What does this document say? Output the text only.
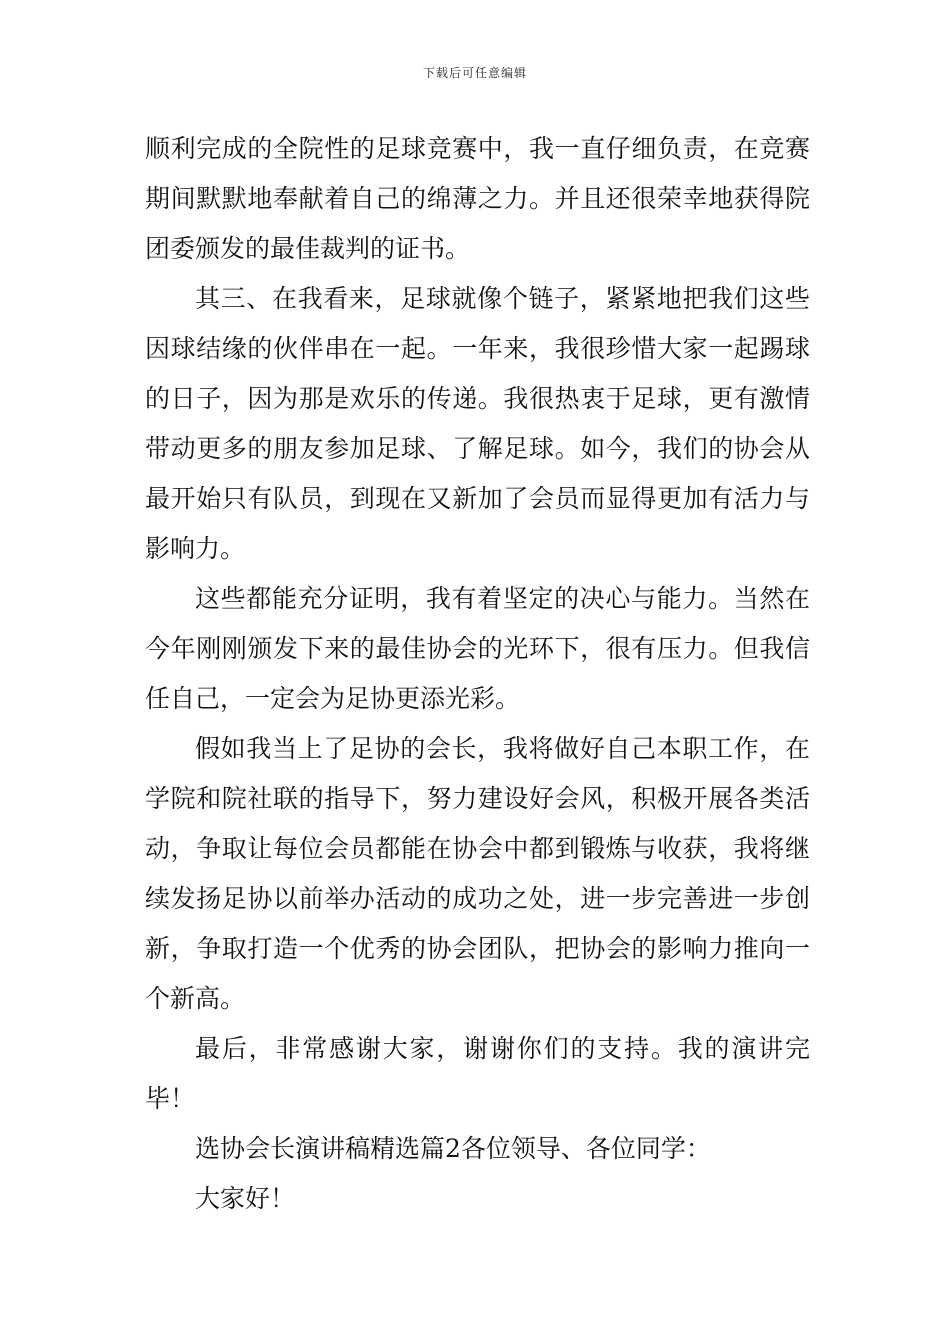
下载后可任意编辑

顺利完成的全院性的足球竞赛中，我一直仔细负责，在竞赛期间默默地奉献着自己的绵薄之力。并且还很荣幸地获得院团委颁发的最佳裁判的证书。

其三、在我看来，足球就像个链子，紧紧地把我们这些因球结缘的伙伴串在一起。一年来，我很珍惜大家一起踢球的日子，因为那是欢乐的传递。我很热衷于足球，更有激情带动更多的朋友参加足球、了解足球。如今，我们的协会从最开始只有队员，到现在又新加了会员而显得更加有活力与影响力。

这些都能充分证明，我有着坚定的决心与能力。当然在今年刚刚颁发下来的最佳协会的光环下，很有压力。但我信任自己，一定会为足协更添光彩。

假如我当上了足协的会长，我将做好自己本职工作，在学院和院社联的指导下，努力建设好会风，积极开展各类活动，争取让每位会员都能在协会中都到锻炼与收获，我将继续发扬足协以前举办活动的成功之处，进一步完善进一步创新，争取打造一个优秀的协会团队，把协会的影响力推向一个新高。

最后，非常感谢大家，谢谢你们的支持。我的演讲完毕！

选协会长演讲稿精选篇2各位领导、各位同学：

大家好！
